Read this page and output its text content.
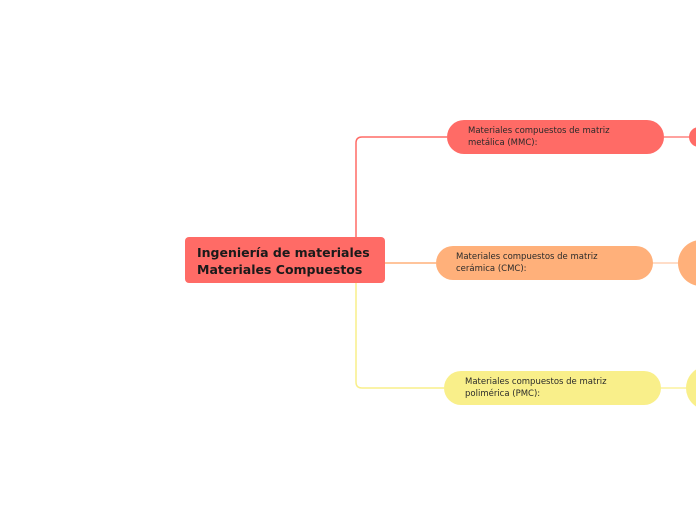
Ingeniería de materiales
Materiales Compuestos
Materiales compuestos de matriz
metálica (MMC):
Materiales compuestos de matriz
cerámica (CMC):
Materiales compuestos de matriz
polimérica (PMC):
